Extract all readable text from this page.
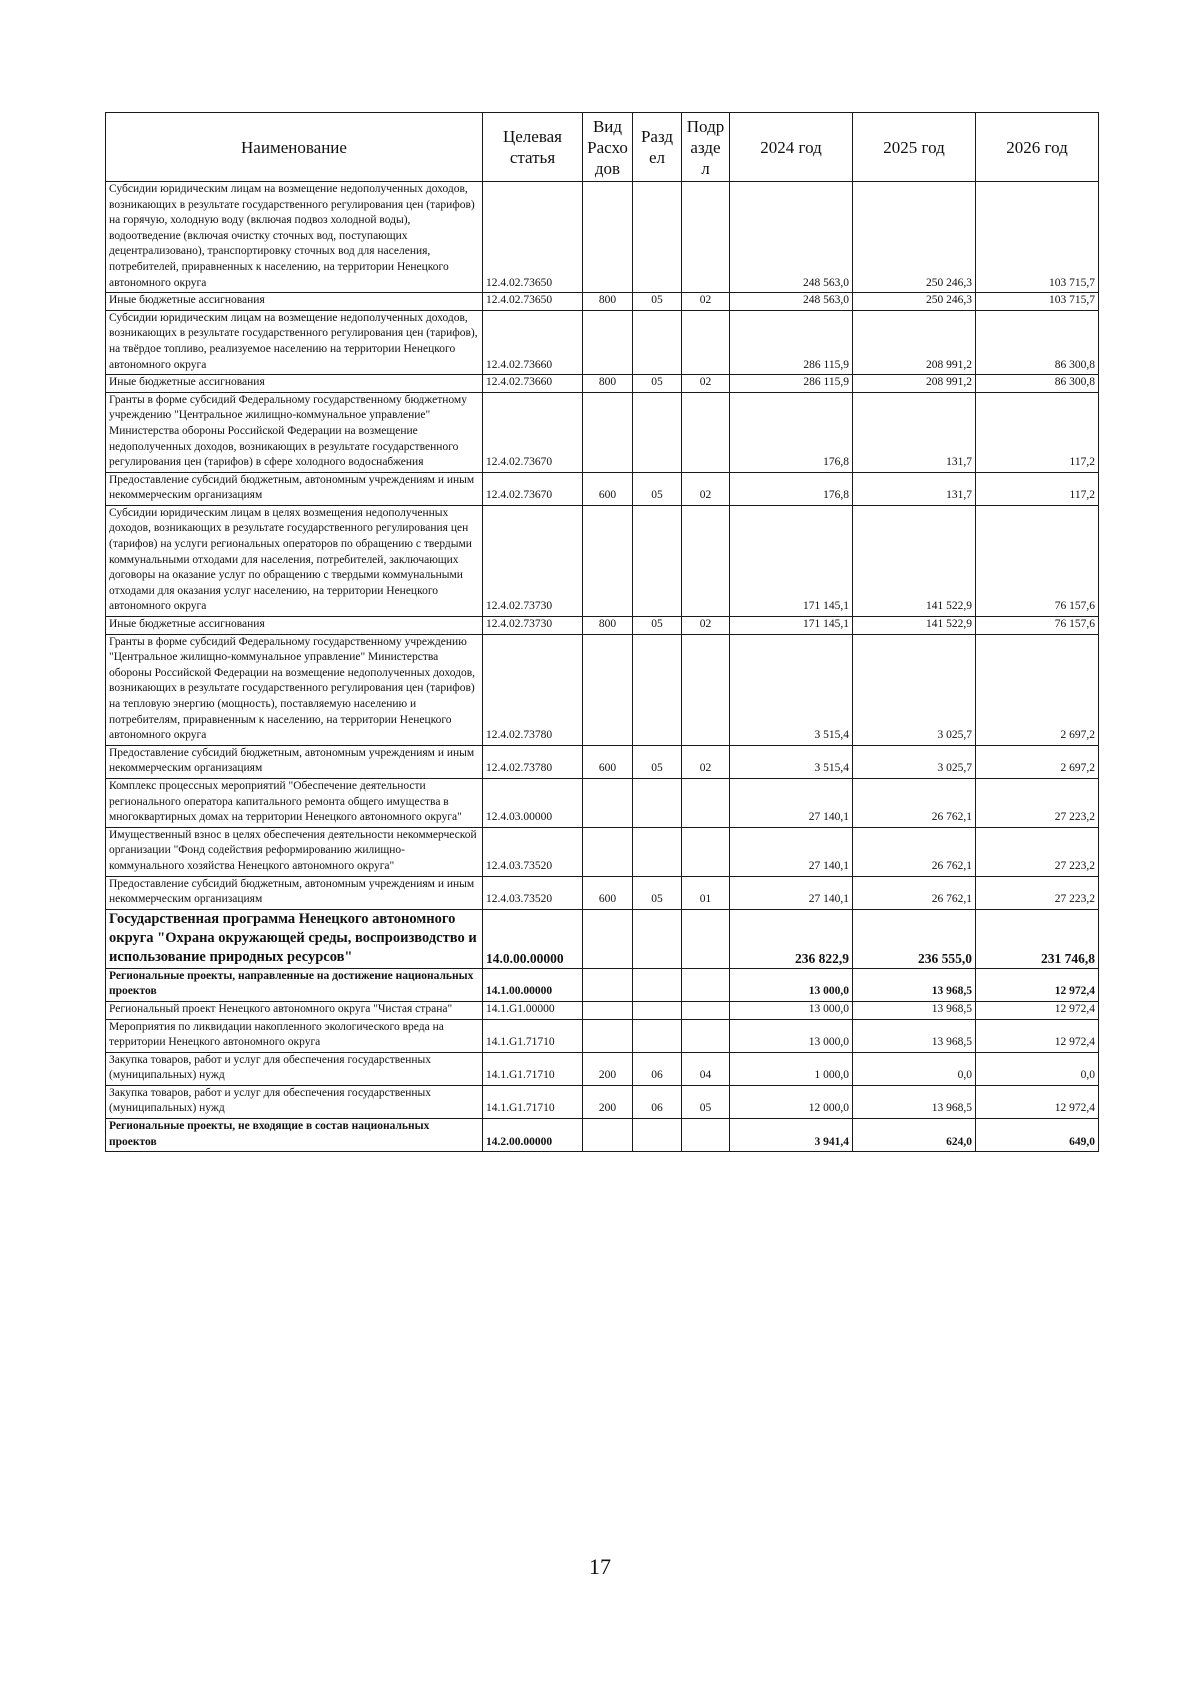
Наименование	Целевая статья	Вид Расхо дов	Разд ел	Подр азде л	2024 год	2025 год	2026 год
Субсидии юридическим лицам на возмещение недополученных доходов, возникающих в результате государственного регулирования цен (тарифов) на горячую, холодную воду (включая подвоз холодной воды), водоотведение (включая очистку сточных вод, поступающих децентрализовано), транспортировку сточных вод для населения, потребителей, приравненных к населению, на территории Ненецкого автономного округа	12.4.02.73650				248 563,0	250 246,3	103 715,7
Иные бюджетные ассигнования	12.4.02.73650	800	05	02	248 563,0	250 246,3	103 715,7
Субсидии юридическим лицам на возмещение недополученных доходов, возникающих в результате государственного регулирования цен (тарифов), на твёрдое топливо, реализуемое населению на территории Ненецкого автономного округа	12.4.02.73660				286 115,9	208 991,2	86 300,8
Иные бюджетные ассигнования	12.4.02.73660	800	05	02	286 115,9	208 991,2	86 300,8
Гранты в форме субсидий Федеральному государственному бюджетному учреждению "Центральное жилищно-коммунальное управление" Министерства обороны Российской Федерации на возмещение недополученных доходов, возникающих в результате государственного регулирования цен (тарифов) в сфере холодного водоснабжения	12.4.02.73670				176,8	131,7	117,2
Предоставление субсидий бюджетным, автономным учреждениям и иным некоммерческим организациям	12.4.02.73670	600	05	02	176,8	131,7	117,2
Субсидии юридическим лицам в целях возмещения недополученных доходов, возникающих в результате государственного регулирования цен (тарифов) на услуги региональных операторов по обращению с твердыми коммунальными отходами для населения, потребителей, заключающих договоры на оказание услуг по обращению с твердыми коммунальными отходами для оказания услуг населению, на территории Ненецкого автономного округа	12.4.02.73730				171 145,1	141 522,9	76 157,6
Иные бюджетные ассигнования	12.4.02.73730	800	05	02	171 145,1	141 522,9	76 157,6
Гранты в форме субсидий Федеральному государственному учреждению "Центральное жилищно-коммунальное управление" Министерства обороны Российской Федерации на возмещение недополученных доходов, возникающих в результате государственного регулирования цен (тарифов) на тепловую энергию (мощность), поставляемую населению и потребителям, приравненным к населению, на территории Ненецкого автономного округа	12.4.02.73780				3 515,4	3 025,7	2 697,2
Предоставление субсидий бюджетным, автономным учреждениям и иным некоммерческим организациям	12.4.02.73780	600	05	02	3 515,4	3 025,7	2 697,2
Комплекс процессных мероприятий "Обеспечение деятельности регионального оператора капитального ремонта общего имущества в многоквартирных домах на территории Ненецкого автономного округа"	12.4.03.00000				27 140,1	26 762,1	27 223,2
Имущественный взнос в целях обеспечения деятельности некоммерческой организации "Фонд содействия реформированию жилищно-коммунального хозяйства Ненецкого автономного округа"	12.4.03.73520				27 140,1	26 762,1	27 223,2
Предоставление субсидий бюджетным, автономным учреждениям и иным некоммерческим организациям	12.4.03.73520	600	05	01	27 140,1	26 762,1	27 223,2
Государственная программа Ненецкого автономного округа "Охрана окружающей среды, воспроизводство и использование природных ресурсов"	14.0.00.00000				236 822,9	236 555,0	231 746,8
Региональные проекты, направленные на достижение национальных проектов	14.1.00.00000				13 000,0	13 968,5	12 972,4
Региональный проект Ненецкого автономного округа "Чистая страна"	14.1.G1.00000				13 000,0	13 968,5	12 972,4
Мероприятия по ликвидации накопленного экологического вреда на территории Ненецкого автономного округа	14.1.G1.71710				13 000,0	13 968,5	12 972,4
Закупка товаров, работ и услуг для обеспечения государственных (муниципальных) нужд	14.1.G1.71710	200	06	04	1 000,0	0,0	0,0
Закупка товаров, работ и услуг для обеспечения государственных (муниципальных) нужд	14.1.G1.71710	200	06	05	12 000,0	13 968,5	12 972,4
Региональные проекты, не входящие в состав национальных проектов	14.2.00.00000				3 941,4	624,0	649,0
17
